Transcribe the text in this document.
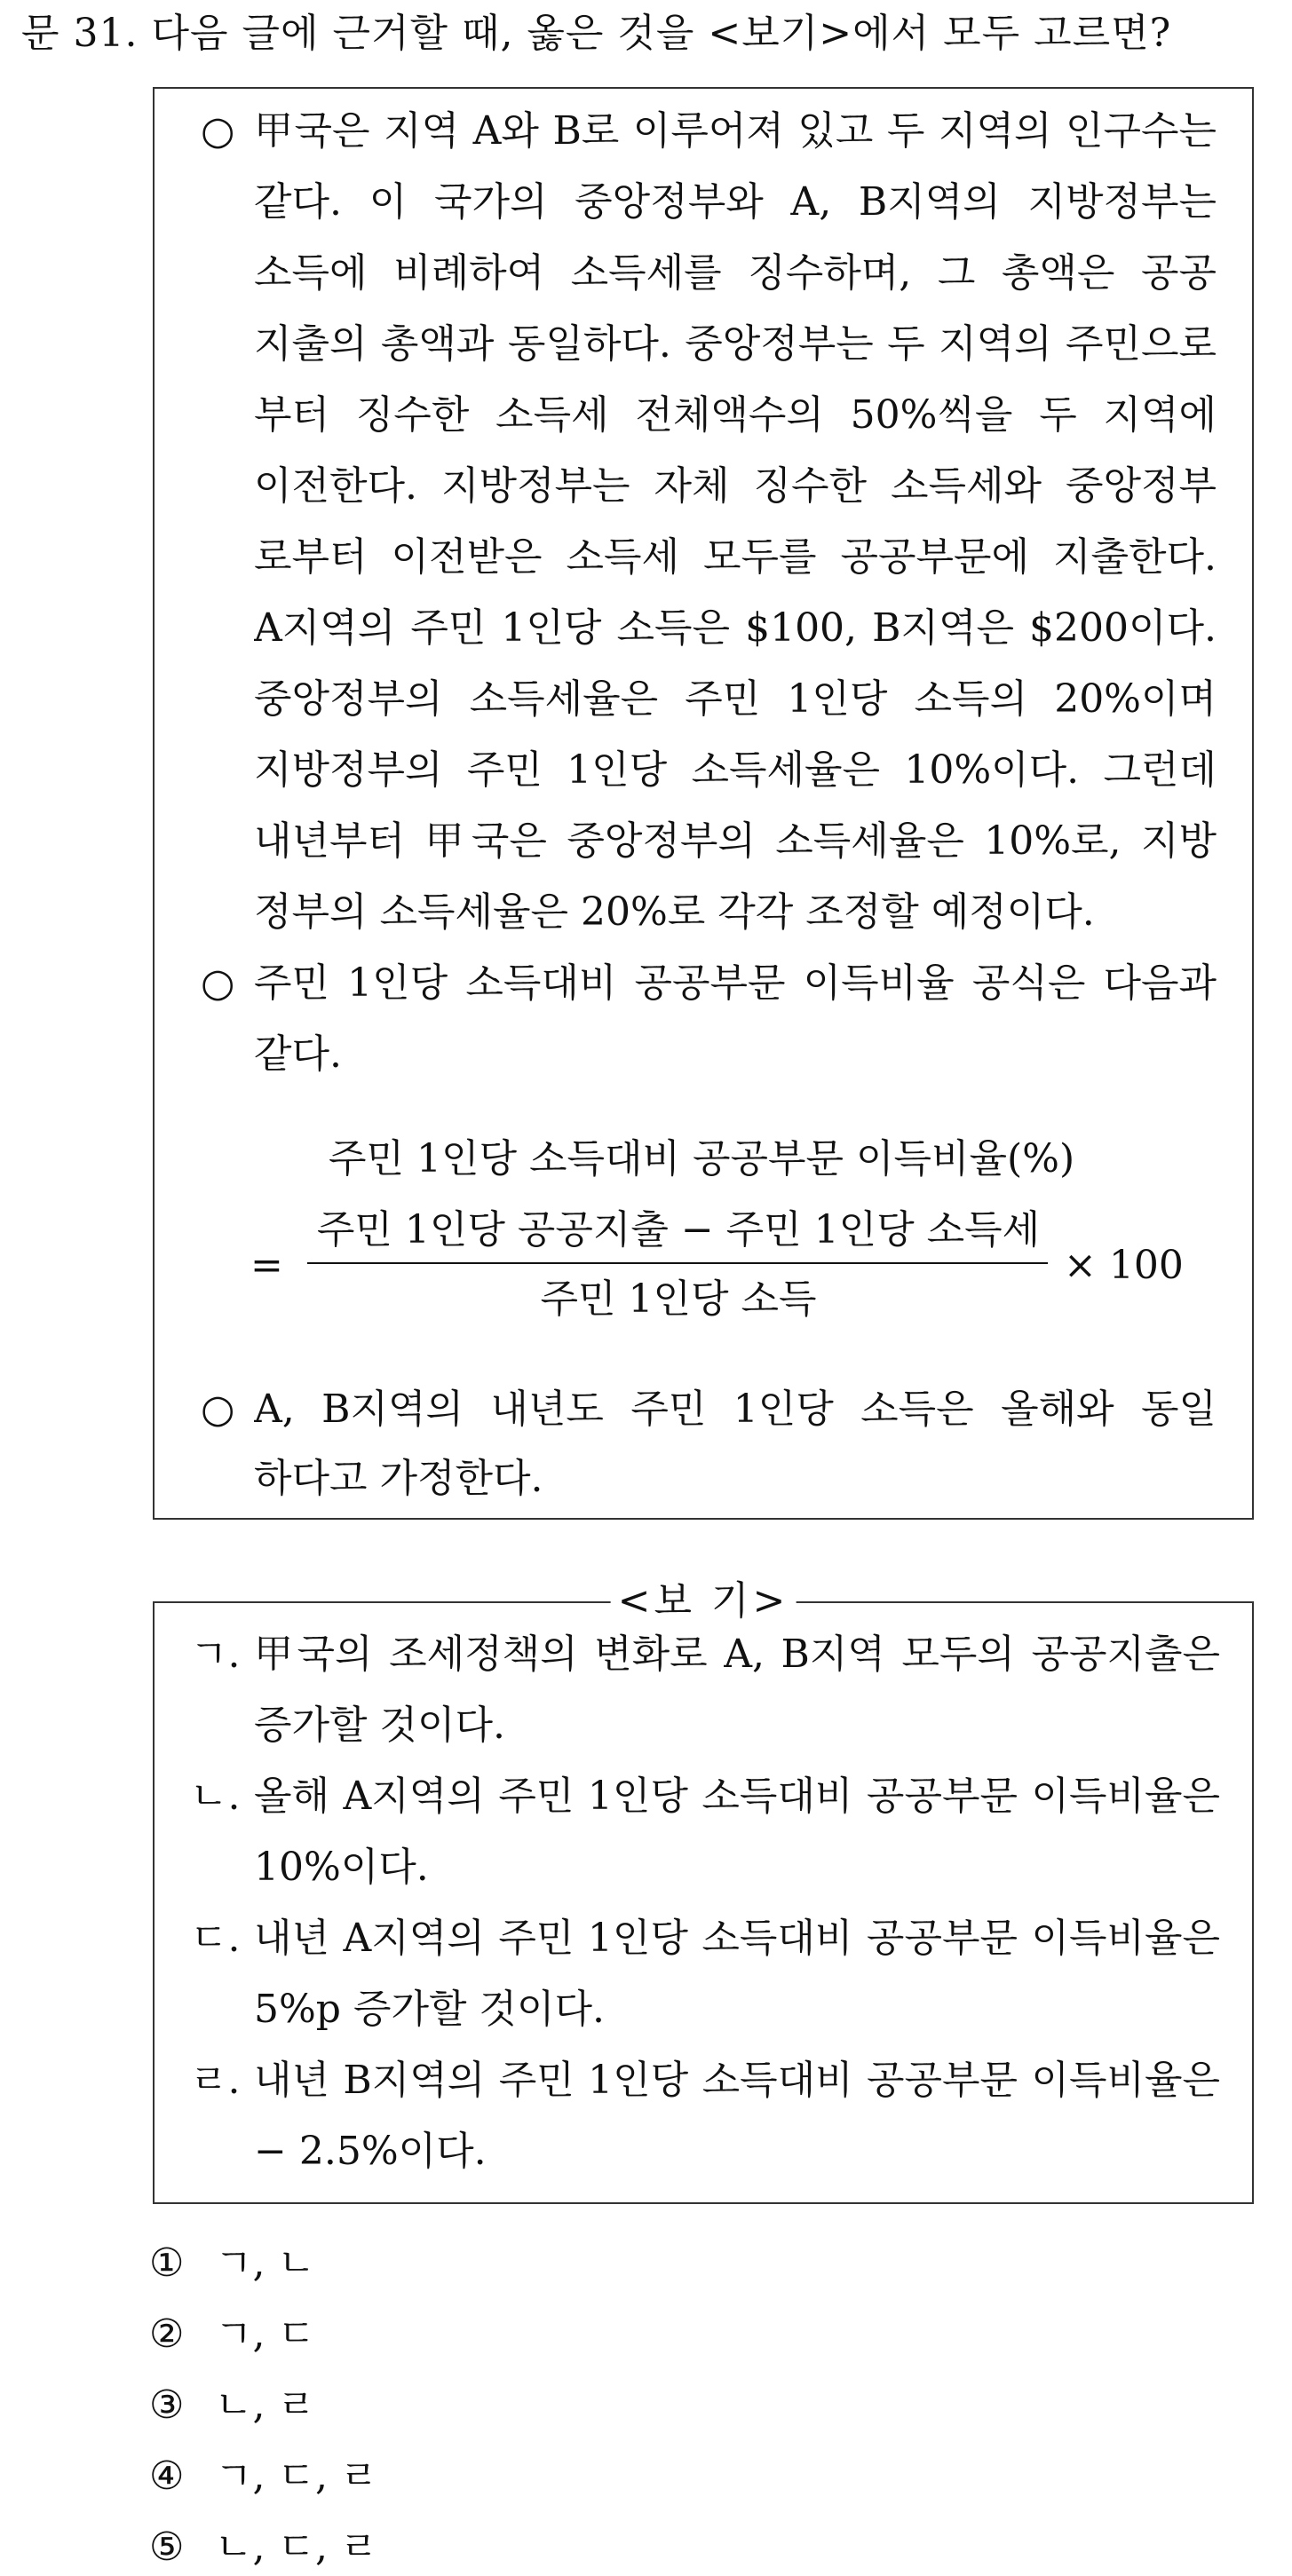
문 31. 다음 글에 근거할 때, 옳은 것을 <보기>에서 모두 고르면?
○ 甲국은 지역 A와 B로 이루어져 있고 두 지역의 인구수는
같다. 이 국가의 중앙정부와 A, B지역의 지방정부는
소득에 비례하여 소득세를 징수하며, 그 총액은 공공
지출의 총액과 동일하다. 중앙정부는 두 지역의 주민으로
부터 징수한 소득세 전체액수의 50%씩을 두 지역에
이전한다. 지방정부는 자체 징수한 소득세와 중앙정부
로부터 이전받은 소득세 모두를 공공부문에 지출한다.
A지역의 주민 1인당 소득은 $100, B지역은 $200이다.
중앙정부의 소득세율은 주민 1인당 소득의 20%이며
지방정부의 주민 1인당 소득세율은 10%이다. 그런데
내년부터 甲국은 중앙정부의 소득세율은 10%로, 지방
정부의 소득세율은 20%로 각각 조정할 예정이다.
○ 주민 1인당 소득대비 공공부문 이득비율 공식은 다음과
같다.
주민 1인당 소득대비 공공부문 이득비율(%)
=
주민 1인당 공공지출 − 주민 1인당 소득세
주민 1인당 소득
× 100
○ A, B지역의 내년도 주민 1인당 소득은 올해와 동일
하다고 가정한다.
<보 기>
ㄱ. 甲국의 조세정책의 변화로 A, B지역 모두의 공공지출은
증가할 것이다.
ㄴ. 올해 A지역의 주민 1인당 소득대비 공공부문 이득비율은
10%이다.
ㄷ. 내년 A지역의 주민 1인당 소득대비 공공부문 이득비율은
5%p 증가할 것이다.
ㄹ. 내년 B지역의 주민 1인당 소득대비 공공부문 이득비율은
− 2.5%이다.
① ㄱ, ㄴ
② ㄱ, ㄷ
③ ㄴ, ㄹ
④ ㄱ, ㄷ, ㄹ
⑤ ㄴ, ㄷ, ㄹ
